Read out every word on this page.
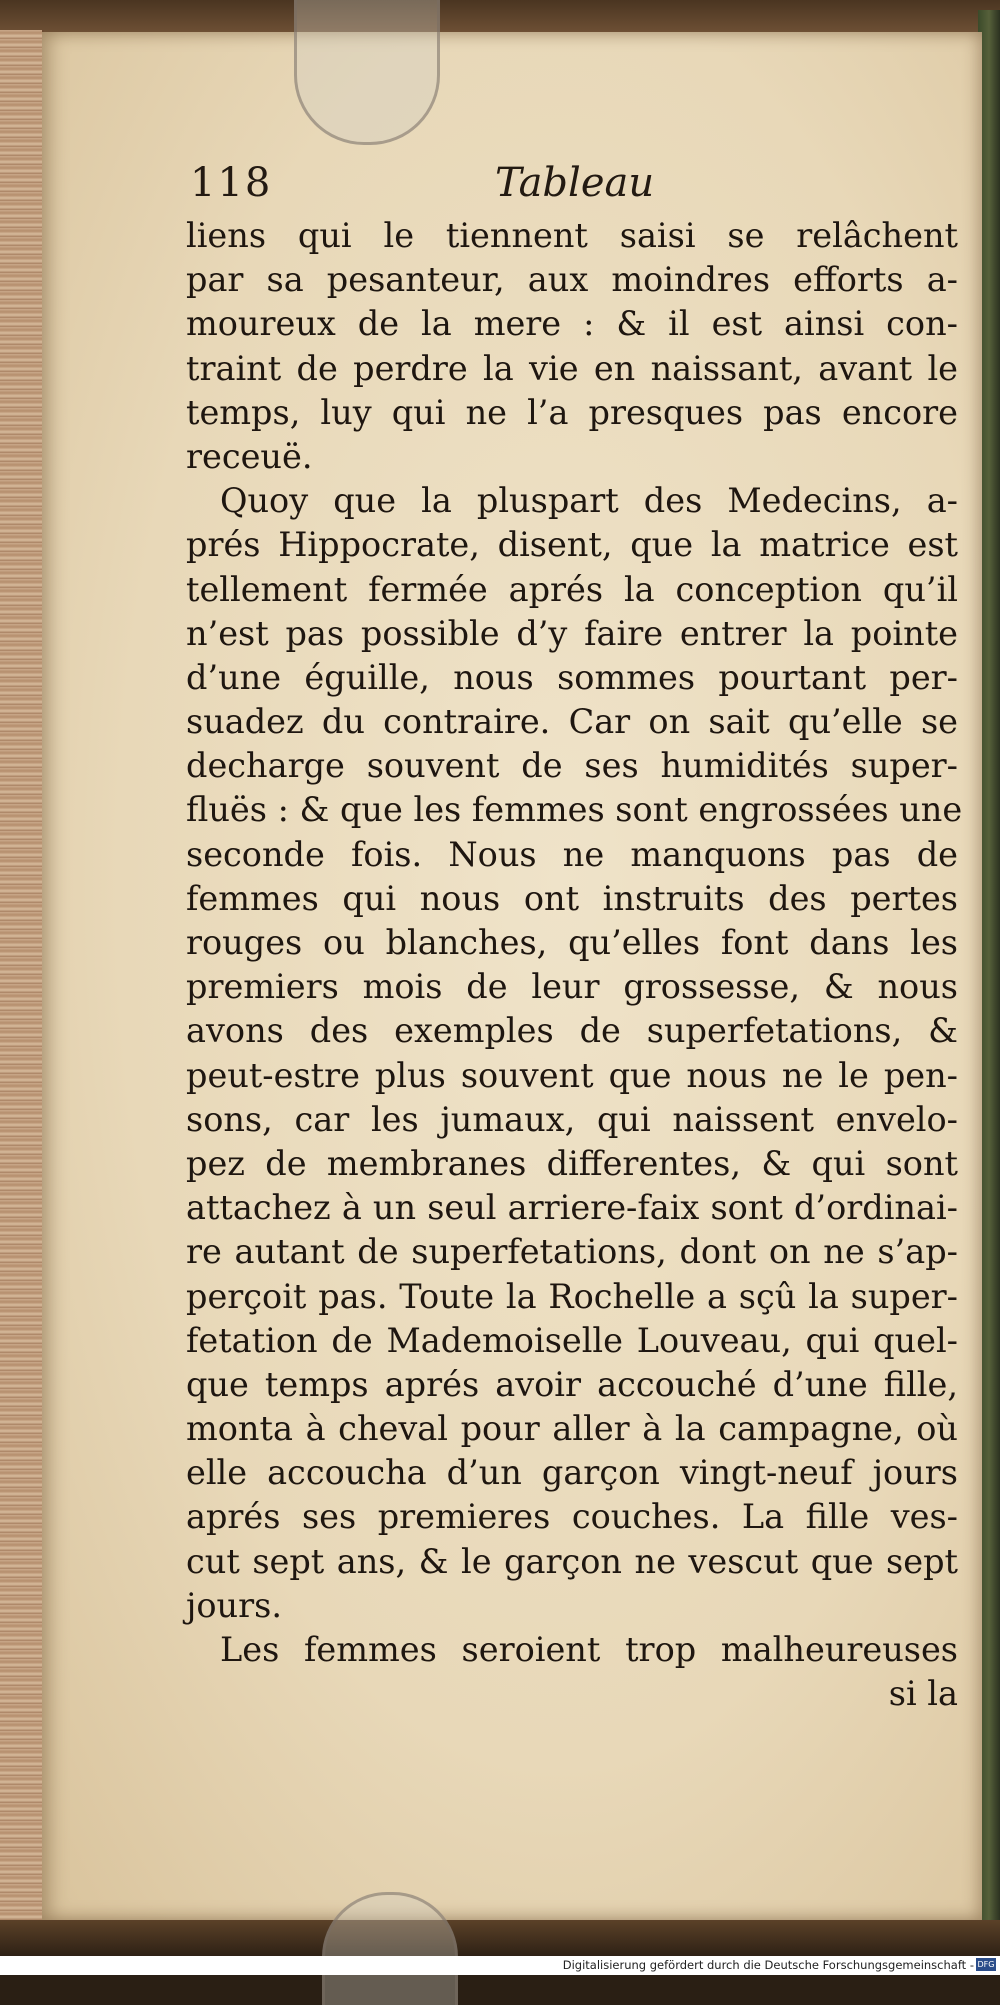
118	Tableau
liens qui le tiennent saisi se relâchent
par sa pesanteur, aux moindres efforts a-
moureux de la mere : & il est ainsi con-
traint de perdre la vie en naissant, avant le
temps, luy qui ne l’a presques pas encore
receuë.
Quoy que la pluspart des Medecins, a-
prés Hippocrate, disent, que la matrice est
tellement fermée aprés la conception qu’il
n’est pas possible d’y faire entrer la pointe
d’une éguille, nous sommes pourtant per-
suadez du contraire. Car on sait qu’elle se
decharge souvent de ses humidités super-
fluës : & que les femmes sont engrossées une
seconde fois. Nous ne manquons pas de
femmes qui nous ont instruits des pertes
rouges ou blanches, qu’elles font dans les
premiers mois de leur grossesse, & nous
avons des exemples de superfetations, &
peut-estre plus souvent que nous ne le pen-
sons, car les jumaux, qui naissent envelo-
pez de membranes differentes, & qui sont
attachez à un seul arriere-faix sont d’ordinai-
re autant de superfetations, dont on ne s’ap-
perçoit pas. Toute la Rochelle a sçû la super-
fetation de Mademoiselle Louveau, qui quel-
que temps aprés avoir accouché d’une fille,
monta à cheval pour aller à la campagne, où
elle accoucha d’un garçon vingt-neuf jours
aprés ses premieres couches. La fille ves-
cut sept ans, & le garçon ne vescut que sept
jours.
Les femmes seroient trop malheureuses
si la
Digitalisierung gefördert durch die Deutsche Forschungsgemeinschaft - DFG
